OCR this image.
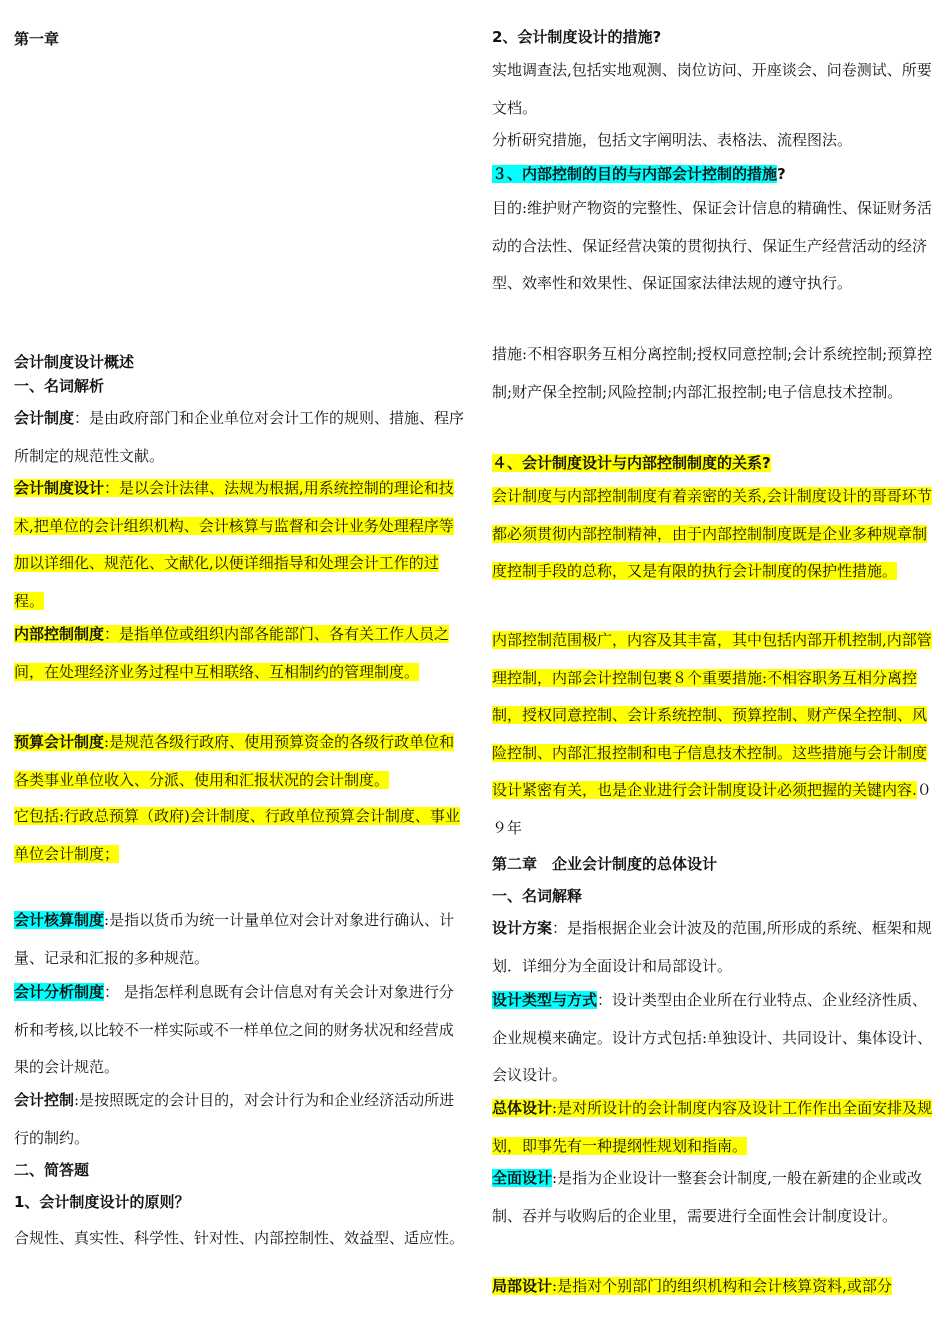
第一章

会计制度设计概述

一、名词解析

会计制度：是由政府部门和企业单位对会计工作的规则、措施、程序所制定的规范性文献。

会计制度设计：是以会计法律、法规为根据,用系统控制的理论和技术,把单位的会计组织机构、会计核算与监督和会计业务处理程序等加以详细化、规范化、文献化,以便详细指导和处理会计工作的过程。

内部控制制度：是指单位或组织内部各能部门、各有关工作人员之间，在处理经济业务过程中互相联络、互相制约的管理制度。

预算会计制度:是规范各级行政府、使用预算资金的各级行政单位和各类事业单位收入、分派、使用和汇报状况的会计制度。

它包括:行政总预算（政府)会计制度、行政单位预算会计制度、事业单位会计制度；

会计核算制度:是指以货币为统一计量单位对会计对象进行确认、计量、记录和汇报的多种规范。

会计分析制度： 是指怎样利息既有会计信息对有关会计对象进行分析和考核,以比较不一样实际或不一样单位之间的财务状况和经营成果的会计规范。

会计控制:是按照既定的会计目的，对会计行为和企业经济活动所进行的制约。

二、简答题

1、会计制度设计的原则？

合规性、真实性、科学性、针对性、内部控制性、效益型、适应性。

2、会计制度设计的措施?

实地调查法,包括实地观测、岗位访问、开座谈会、问卷测试、所要文档。

分析研究措施，包括文字阐明法、表格法、流程图法。

３、内部控制的目的与内部会计控制的措施?

目的:维护财产物资的完整性、保证会计信息的精确性、保证财务活动的合法性、保证经营决策的贯彻执行、保证生产经营活动的经济型、效率性和效果性、保证国家法律法规的遵守执行。

措施:不相容职务互相分离控制;授权同意控制;会计系统控制;预算控制;财产保全控制;风险控制;内部汇报控制;电子信息技术控制。

４、会计制度设计与内部控制制度的关系?

会计制度与内部控制制度有着亲密的关系,会计制度设计的哥哥环节都必须贯彻内部控制精神，由于内部控制制度既是企业多种规章制度控制手段的总称，又是有限的执行会计制度的保护性措施。

内部控制范围极广，内容及其丰富，其中包括内部开机控制,内部管理控制，内部会计控制包裹８个重要措施:不相容职务互相分离控制，授权同意控制、会计系统控制、预算控制、财产保全控制、风险控制、内部汇报控制和电子信息技术控制。这些措施与会计制度设计紧密有关，也是企业进行会计制度设计必须把握的关键内容.０９年

第二章　企业会计制度的总体设计

一、名词解释

设计方案：是指根据企业会计波及的范围,所形成的系统、框架和规划．详细分为全面设计和局部设计。

设计类型与方式：设计类型由企业所在行业特点、企业经济性质、企业规模来确定。设计方式包括:单独设计、共同设计、集体设计、会议设计。

总体设计:是对所设计的会计制度内容及设计工作作出全面安排及规划，即事先有一种提纲性规划和指南。

全面设计:是指为企业设计一整套会计制度,一般在新建的企业或改制、吞并与收购后的企业里，需要进行全面性会计制度设计。

局部设计:是指对个别部门的组织机构和会计核算资料,或部分
